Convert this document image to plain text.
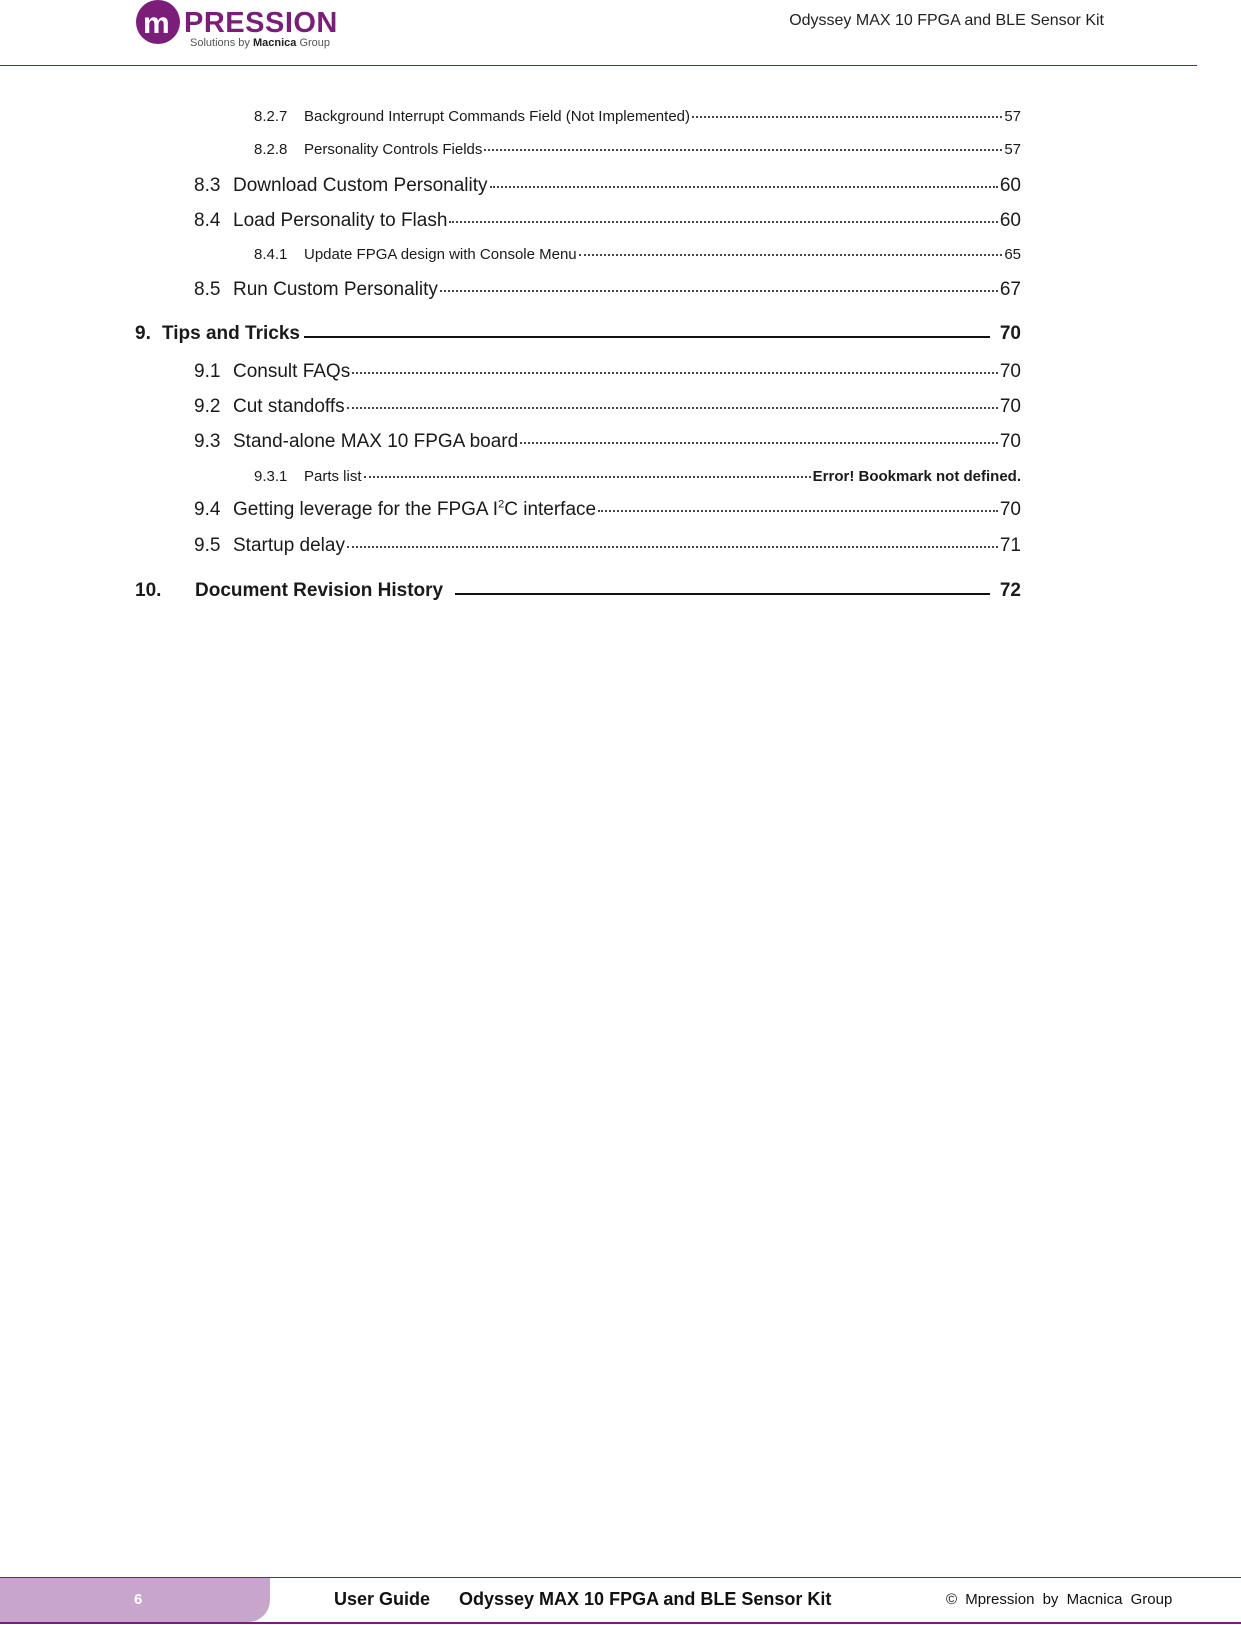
m PRESSION
Solutions by Macnica Group
Odyssey MAX 10 FPGA and BLE Sensor Kit
8.2.7	Background Interrupt Commands Field (Not Implemented)	57
8.2.8	Personality Controls Fields	57
8.3 Download Custom Personality	60
8.4 Load Personality to Flash	60
8.4.1	Update FPGA design with Console Menu	65
8.5 Run Custom Personality	67
9. Tips and Tricks	70
9.1 Consult FAQs	70
9.2 Cut standoffs	70
9.3 Stand-alone MAX 10 FPGA board	70
9.3.1	Parts list	Error! Bookmark not defined.
9.4 Getting leverage for the FPGA $I^2C$ interface	70
9.5 Startup delay	71
10.	Document Revision History	72
6	User Guide Odyssey MAX 10 FPGA and BLE Sensor Kit	© Mpression by Macnica Group
